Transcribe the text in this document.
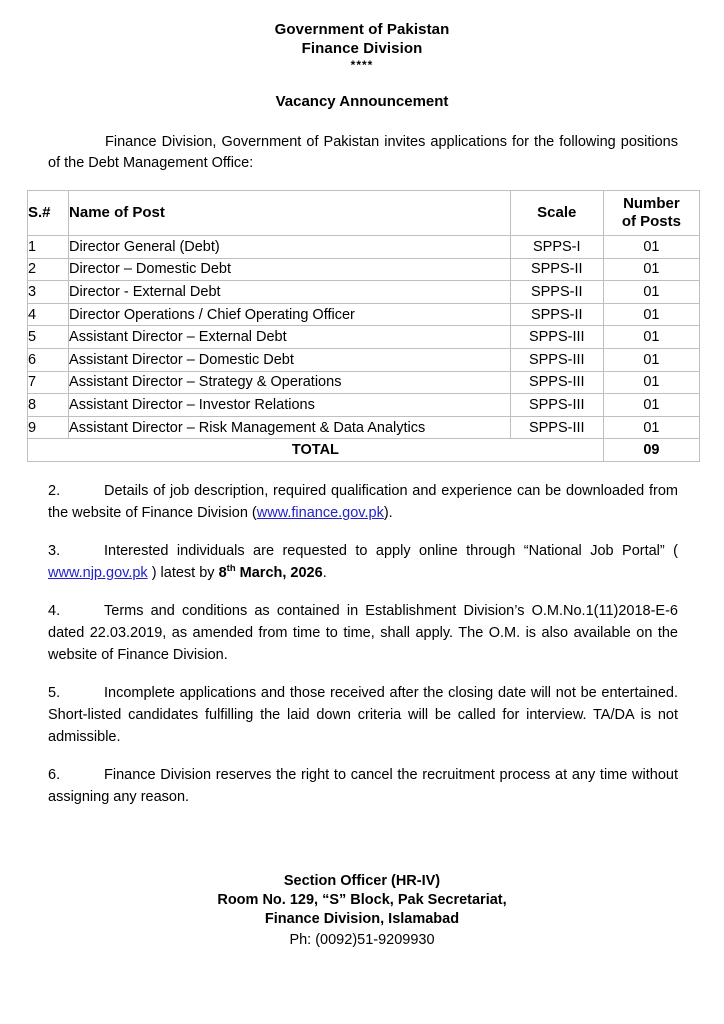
Government of Pakistan
Finance Division
****
Vacancy Announcement

Finance Division, Government of Pakistan invites applications for the following positions of the Debt Management Office:

S.#	Name of Post	Scale	Number
of Posts

1	Director General (Debt)	SPPS-I	01
2	Director – Domestic Debt	SPPS-II	01
3	Director - External Debt	SPPS-II	01
4	Director Operations / Chief Operating Officer	SPPS-II	01
5	Assistant Director – External Debt	SPPS-III	01
6	Assistant Director – Domestic Debt	SPPS-III	01
7	Assistant Director – Strategy & Operations	SPPS-III	01
8	Assistant Director – Investor Relations	SPPS-III	01
9	Assistant Director – Risk Management & Data Analytics	SPPS-III	01
TOTAL			09

2.	Details of job description, required qualification and experience can be downloaded from the website of Finance Division (www.finance.gov.pk).

3.	Interested individuals are requested to apply online through “National Job Portal” ( www.njp.gov.pk ) latest by 8th March, 2026.

4.	Terms and conditions as contained in Establishment Division’s O.M.No.1(11)2018-E-6 dated 22.03.2019, as amended from time to time, shall apply. The O.M. is also available on the website of Finance Division.

5.	Incomplete applications and those received after the closing date will not be entertained. Short-listed candidates fulfilling the laid down criteria will be called for interview. TA/DA is not admissible.

6.	Finance Division reserves the right to cancel the recruitment process at any time without assigning any reason.

Section Officer (HR-IV)
Room No. 129, “S” Block, Pak Secretariat,
Finance Division, Islamabad
Ph: (0092)51-9209930
